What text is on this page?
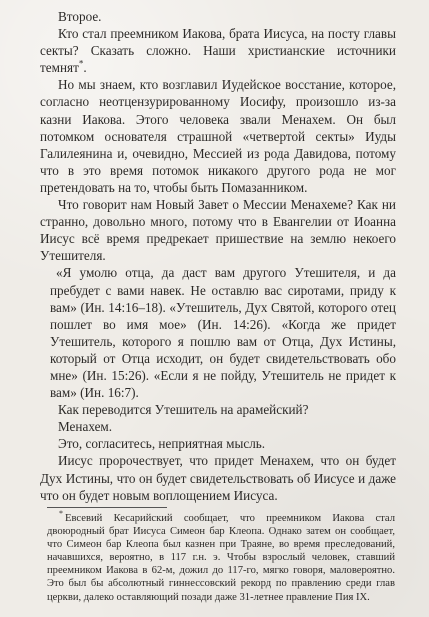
Второе.

Кто стал преемником Иакова, брата Иисуса, на посту главы секты? Сказать сложно. Наши христианские источники темнят*.

Но мы знаем, кто возглавил Иудейское восстание, которое, согласно неотцензурированному Иосифу, произошло из-за казни Иакова. Этого человека звали Менахем. Он был потомком основателя страшной «четвертой секты» Иуды Галилеянина и, очевидно, Мессией из рода Давидова, потому что в это время потомок никакого другого рода не мог претендовать на то, чтобы быть Помазанником.

Что говорит нам Новый Завет о Мессии Менахеме? Как ни странно, довольно много, потому что в Евангелии от Иоанна Иисус всё время предрекает пришествие на землю некоего Утешителя.

«Я умолю отца, да даст вам другого Утешителя, и да пребудет с вами навек. Не оставлю вас сиротами, приду к вам» (Ин. 14:16–18). «Утешитель, Дух Святой, которого отец пошлет во имя мое» (Ин. 14:26). «Когда же придет Утешитель, которого я пошлю вам от Отца, Дух Истины, который от Отца исходит, он будет свидетельствовать обо мне» (Ин. 15:26). «Если я не пойду, Утешитель не придет к вам» (Ин. 16:7).

Как переводится Утешитель на арамейский?

Менахем.

Это, согласитесь, неприятная мысль.

Иисус пророчествует, что придет Менахем, что он будет Дух Истины, что он будет свидетельствовать об Иисусе и даже что он будет новым воплощением Иисуса.

* Евсевий Кесарийский сообщает, что преемником Иакова стал двоюродный брат Иисуса Симеон бар Клеопа. Однако затем он сообщает, что Симеон бар Клеопа был казнен при Траяне, во время преследований, начавшихся, вероятно, в 117 г.н. э. Чтобы взрослый человек, ставший преемником Иакова в 62-м, дожил до 117-го, мягко говоря, маловероятно. Это был бы абсолютный гиннессовский рекорд по правлению среди глав церкви, далеко оставляющий позади даже 31-летнее правление Пия IX.
